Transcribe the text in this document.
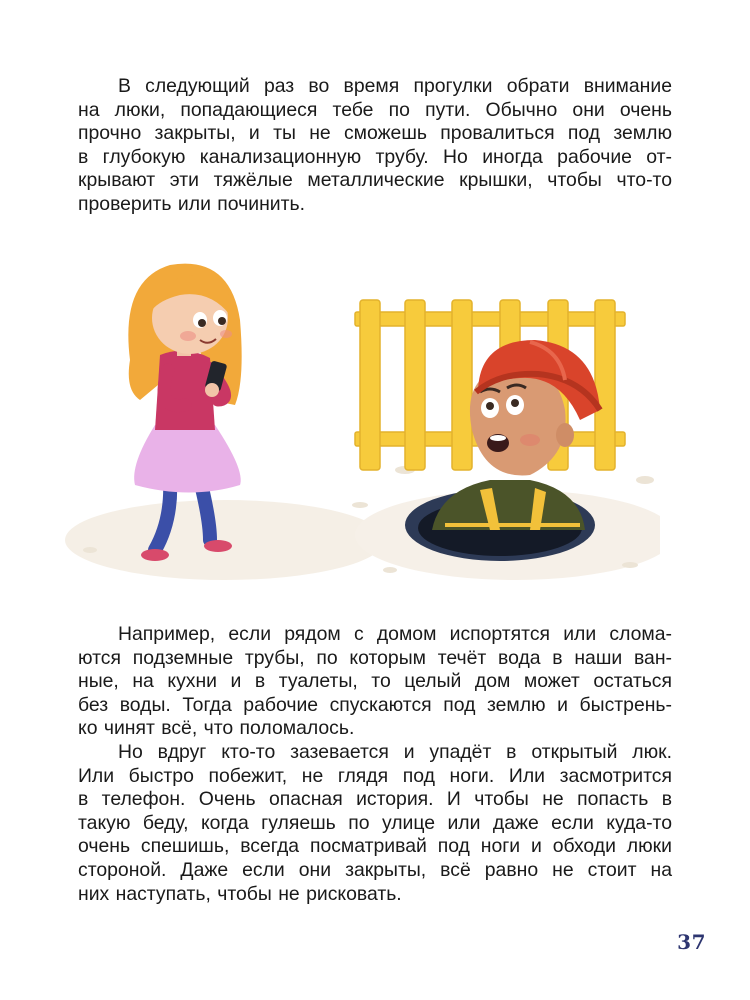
В следующий раз во время прогулки обрати внимание
на люки, попадающиеся тебе по пути. Обычно они очень
прочно закрыты, и ты не сможешь провалиться под землю
в глубокую канализационную трубу. Но иногда рабочие от-
крывают эти тяжёлые металлические крышки, чтобы что-то
проверить или починить.
Например, если рядом с домом испортятся или слома-
ются подземные трубы, по которым течёт вода в наши ван-
ные, на кухни и в туалеты, то целый дом может остаться
без воды. Тогда рабочие спускаются под землю и быстрень-
ко чинят всё, что поломалось.
Но вдруг кто-то зазевается и упадёт в открытый люк.
Или быстро побежит, не глядя под ноги. Или засмотрится
в телефон. Очень опасная история. И чтобы не попасть в
такую беду, когда гуляешь по улице или даже если куда-то
очень спешишь, всегда посматривай под ноги и обходи люки
стороной. Даже если они закрыты, всё равно не стоит на
них наступать, чтобы не рисковать.
37
